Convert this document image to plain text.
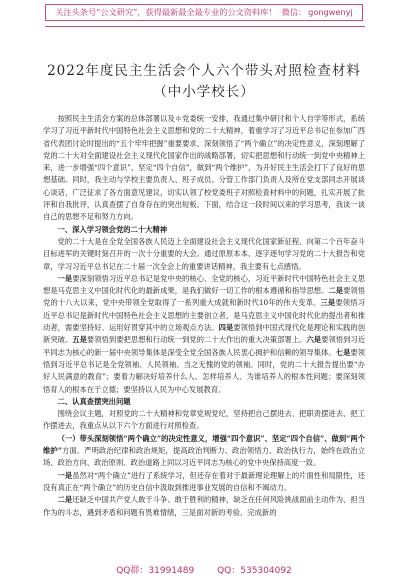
关注头条号“公文研究”，获得最新最全最专业的公文资料库！ 微信： gongwenyj
2022年度民主生活会个人六个带头对照检查材料
（中小学校长）

按照民主生活会方案的总体部署以及＊党委统一安排，我通过集中研讨和个人自学等形式，系统学习了习近平新时代中国特色社会主义思想和党的二十大精神，着重学习了习近平总书记在参加广西省代表团讨论时提出的“五个牢牢把握”重要要求，深刻领悟了“两个确立”的决定性意义，深刻理解了党的二十大对全面建设社会主义现代化国家作出的战略部署，切实把思想和行动统一到党中央精神上来，进一步增强“四个意识”、坚定“四个自信”，做到“两个维护”，为开好民主生活会打下了良好的思想基础。同时，我主动与学校主要负责人、班子成员、分管工作部门负责人及所在党支部同志开展谈心谈话，广泛征求了各方面意见建议，切实认领了校党委班子对照检查材料中的问题，扎实开展了批评和自我批评，认真查摆了自身存在的突出短板。下面，结合这一段时间以来的学习思考，我谈一谈自己的思想不足和努力方向。

一、深入学习领会党的二十大精神

党的二十大是在全党全国各族人民迈上全面建设社会主义现代化国家新征程、向第二个百年奋斗目标进军的关键时刻召开的一次十分重要的大会。通过原原本本、逐字逐句学习党的二十大报告和党章，学习习近平总书记在二十届一次全会上的重要讲话精神，我主要有七点感悟。

一是要深刻领悟习近平总书记是党中央的核心、全党的核心，习近平新时代中国特色社会主义思想是马克思主义中国化时代化的最新成果，是我们做好一切工作的根本遵循和指导思想。二是要领悟党的十八大以来，党中央带领全党取得了一系列重大成就和新时代10年的伟大变革。三是要领悟习近平总书记是新时代中国特色社会主义思想的主要创立者，是马克思主义中国化时代化的提出者和推动者，需要坚持好、运用好贯穿其中的立场观点方法。四是要领悟到中国式现代化是理论和实践的创新突破。五是要领悟到要把思想和行动统一到党的二十大作出的重大决策部署上。六是要领悟到习近平同志为核心的新一届中央领导集体是深受全党全国各族人民衷心拥护和信赖的领导集体。七是要领悟到习近平总书记是全党领袖、人民领袖、当之无愧的党的领袖。同时，党的二十大报告提出要“办好人民满意的教育”；要着力解决好培养什么人、怎样培养人、为谁培养人的根本性问题；要深刻领悟育人的根本在于立德；要坚持以人民为中心发展教育。

二、认真查摆突出问题

围绕会议主题，对照党的二十大精神和党章党规党纪，坚持把自己摆进去、把职责摆进去、把工作摆进去，我重点从以下六个方面进行对照检查。

（一）带头深刻领悟“两个确立”的决定性意义，增强“四个意识”、坚定“四个自信”、做到“两个维护”方面。严明政治纪律和政治规矩，提高政治判断力、政治领悟力、政治执行力，始终在政治立场、政治方向、政治原则、政治道路上同以习近平同志为核心的党中央保持高度一致。

一是虽然对“两个确立”进行了系统学习，但还存在着对于最新理论理解上的片面性和局限性，还没有真正在“两个确立”的历史自信中汲取到推进事业发展的自信和不竭动力。

二是还缺乏中国共产党人敢于斗争、敢于胜利的精神，缺乏在任何风险挑战面前主动作为、担当作为的斗志，遇到矛盾和问题有畏难情绪，三是面对新的考验、完成新的

QQ群：31991489	QQ：535304092
